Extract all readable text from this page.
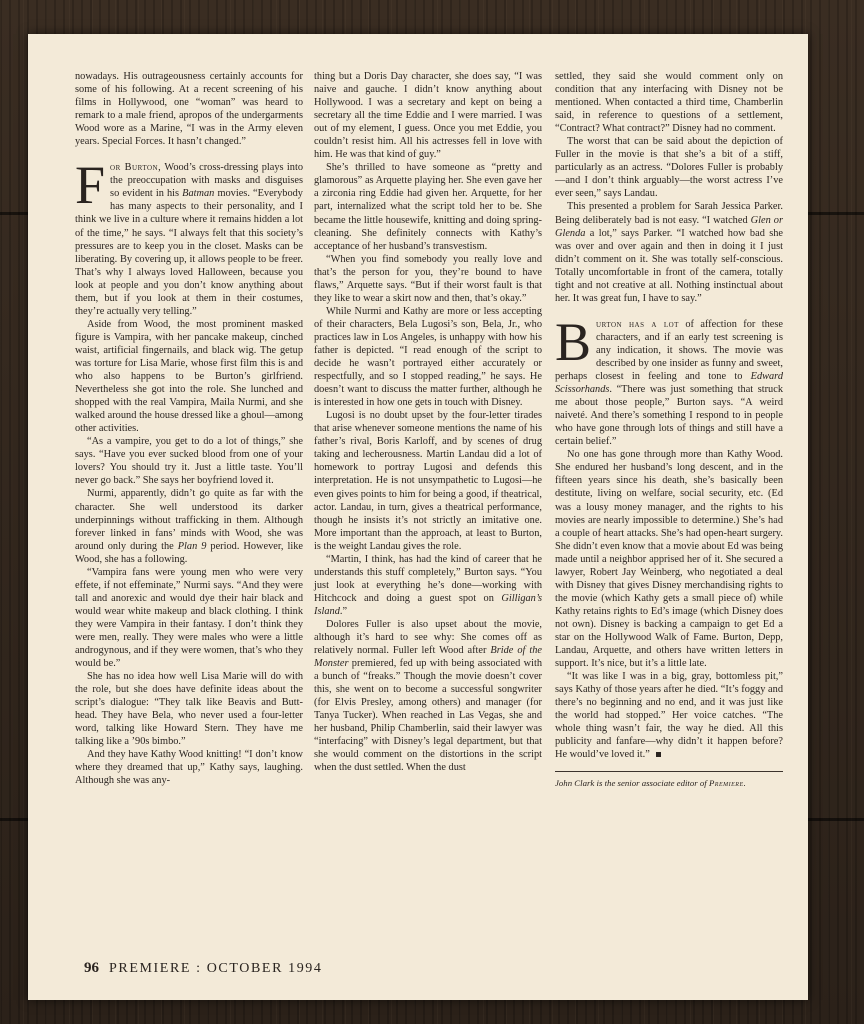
nowadays. His outrageousness certainly accounts for some of his following. At a recent screening of his films in Hollywood, one “woman” was heard to remark to a male friend, apropos of the undergarments Wood wore as a Marine, “I was in the Army eleven years. Special Forces. It hasn’t changed.”

For Burton, Wood’s cross-dressing plays into the preoccupation with masks and disguises so evident in his Batman movies. “Everybody has many aspects to their personality, and I think we live in a culture where it remains hidden a lot of the time,” he says. “I always felt that this society’s pressures are to keep you in the closet. Masks can be liberating. By covering up, it allows people to be freer. That’s why I always loved Halloween, because you look at people and you don’t know anything about them, but if you look at them in their costumes, they’re actually very telling.”

Aside from Wood, the most prominent masked figure is Vampira, with her pancake makeup, cinched waist, artificial fingernails, and black wig. The getup was torture for Lisa Marie, whose first film this is and who also happens to be Burton’s girlfriend. Nevertheless she got into the role. She lunched and shopped with the real Vampira, Maila Nurmi, and she walked around the house dressed like a ghoul—among other activities.

“As a vampire, you get to do a lot of things,” she says. “Have you ever sucked blood from one of your lovers? You should try it. Just a little taste. You’ll never go back.” She says her boyfriend loved it.

Nurmi, apparently, didn’t go quite as far with the character. She well understood its darker underpinnings without trafficking in them. Although forever linked in fans’ minds with Wood, she was around only during the Plan 9 period. However, like Wood, she has a following.

“Vampira fans were young men who were very effete, if not effeminate,” Nurmi says. “And they were tall and anorexic and would dye their hair black and would wear white makeup and black clothing. I think they were Vampira in their fantasy. I don’t think they were men, really. They were males who were a little androgynous, and if they were women, that’s who they would be.”

She has no idea how well Lisa Marie will do with the role, but she does have definite ideas about the script’s dialogue: “They talk like Beavis and Butt-head. They have Bela, who never used a four-letter word, talking like Howard Stern. They have me talking like a ’90s bimbo.”

And they have Kathy Wood knitting! “I don’t know where they dreamed that up,” Kathy says, laughing. Although she was any-

thing but a Doris Day character, she does say, “I was naive and gauche. I didn’t know anything about Hollywood. I was a secretary and kept on being a secretary all the time Eddie and I were married. I was out of my element, I guess. Once you met Eddie, you couldn’t resist him. All his actresses fell in love with him. He was that kind of guy.”

She’s thrilled to have someone as “pretty and glamorous” as Arquette playing her. She even gave her a zirconia ring Eddie had given her. Arquette, for her part, internalized what the script told her to be. She became the little housewife, knitting and doing spring-cleaning. She definitely connects with Kathy’s acceptance of her husband’s transvestism.

“When you find somebody you really love and that’s the person for you, they’re bound to have flaws,” Arquette says. “But if their worst fault is that they like to wear a skirt now and then, that’s okay.”

While Nurmi and Kathy are more or less accepting of their characters, Bela Lugosi’s son, Bela, Jr., who practices law in Los Angeles, is unhappy with how his father is depicted. “I read enough of the script to decide he wasn’t portrayed either accurately or respectfully, and so I stopped reading,” he says. He doesn’t want to discuss the matter further, although he is interested in how one gets in touch with Disney.

Lugosi is no doubt upset by the four-letter tirades that arise whenever someone mentions the name of his father’s rival, Boris Karloff, and by scenes of drug taking and lecherousness. Martin Landau did a lot of homework to portray Lugosi and defends this interpretation. He is not unsympathetic to Lugosi—he even gives points to him for being a good, if theatrical, actor. Landau, in turn, gives a theatrical performance, though he insists it’s not strictly an imitative one. More important than the approach, at least to Burton, is the weight Landau gives the role.

“Martin, I think, has had the kind of career that he understands this stuff completely,” Burton says. “You just look at everything he’s done—working with Hitchcock and doing a guest spot on Gilligan’s Island.”

Dolores Fuller is also upset about the movie, although it’s hard to see why: She comes off as relatively normal. Fuller left Wood after Bride of the Monster premiered, fed up with being associated with a bunch of “freaks.” Though the movie doesn’t cover this, she went on to become a successful songwriter (for Elvis Presley, among others) and manager (for Tanya Tucker). When reached in Las Vegas, she and her husband, Philip Chamberlin, said their lawyer was “interfacing” with Disney’s legal department, but that she would comment on the distortions in the script when the dust settled. When the dust

settled, they said she would comment only on condition that any interfacing with Disney not be mentioned. When contacted a third time, Chamberlin said, in reference to questions of a settlement, “Contract? What contract?” Disney had no comment.

The worst that can be said about the depiction of Fuller in the movie is that she’s a bit of a stiff, particularly as an actress. “Dolores Fuller is probably—and I don’t think arguably—the worst actress I’ve ever seen,” says Landau.

This presented a problem for Sarah Jessica Parker. Being deliberately bad is not easy. “I watched Glen or Glenda a lot,” says Parker. “I watched how bad she was over and over again and then in doing it I just didn’t comment on it. She was totally self-conscious. Totally uncomfortable in front of the camera, totally tight and not creative at all. Nothing instinctual about her. It was great fun, I have to say.”

Burton has a lot of affection for these characters, and if an early test screening is any indication, it shows. The movie was described by one insider as funny and sweet, perhaps closest in feeling and tone to Edward Scissorhands. “There was just something that struck me about those people,” Burton says. “A weird naiveté. And there’s something I respond to in people who have gone through lots of things and still have a certain belief.”

No one has gone through more than Kathy Wood. She endured her husband’s long descent, and in the fifteen years since his death, she’s basically been destitute, living on welfare, social security, etc. (Ed was a lousy money manager, and the rights to his movies are nearly impossible to determine.) She’s had a couple of heart attacks. She’s had open-heart surgery. She didn’t even know that a movie about Ed was being made until a neighbor apprised her of it. She secured a lawyer, Robert Jay Weinberg, who negotiated a deal with Disney that gives Disney merchandising rights to the movie (which Kathy gets a small piece of) while Kathy retains rights to Ed’s image (which Disney does not own). Disney is backing a campaign to get Ed a star on the Hollywood Walk of Fame. Burton, Depp, Landau, Arquette, and others have written letters in support. It’s nice, but it’s a little late.

“It was like I was in a big, gray, bottomless pit,” says Kathy of those years after he died. “It’s foggy and there’s no beginning and no end, and it was just like the world had stopped.” Her voice catches. “The whole thing wasn’t fair, the way he died. All this publicity and fanfare—why didn’t it happen before? He would’ve loved it.”

John Clark is the senior associate editor of Premiere.

96 PREMIERE : OCTOBER 1994
